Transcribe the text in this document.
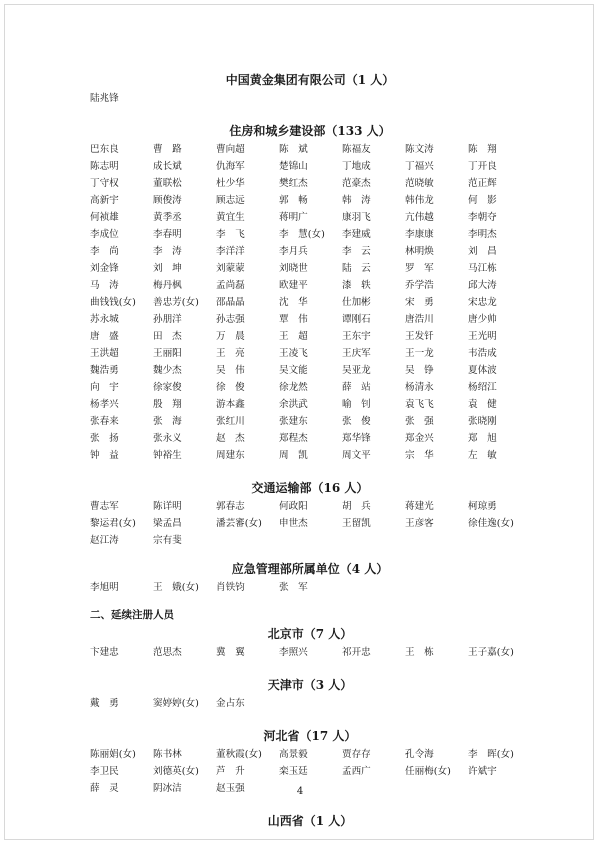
中国黄金集团有限公司（1 人）
陆兆锋
住房和城乡建设部（133 人）
巴东良	曹　路	曹向超	陈　斌	陈福友	陈文涛	陈　翔
陈志明	成长斌	仇海军	楚锦山	丁地成	丁福兴	丁开良
丁守权	董联松	杜少华	樊红杰	范豪杰	范晓敏	范正辉
高新宇	顾俊涛	顾志远	郭　畅	韩　涛	韩伟龙	何　影
何祯雄	黄季丞	黄宜生	蒋明广	康羽飞	亢伟越	李朝夺
李成位	李春明	李　飞	李　慧(女)	李建威	李康康	李明杰
李　尚	李　涛	李洋洋	李月兵	李　云	林明焕	刘　昌
刘金锋	刘　坤	刘蒙蒙	刘晓世	陆　云	罗　军	马江栋
马　涛	梅丹枫	孟尚磊	欧建平	漆　轶	乔学浩	邱大涛
曲钱钱(女)	善忠芳(女)	邵晶晶	沈　华	仕加彬	宋　勇	宋忠龙
苏永城	孙朋洋	孙志强	覃　伟	谭刚石	唐浩川	唐少帅
唐　盛	田　杰	万　晨	王　超	王东宇	王发钎	王光明
王洪超	王丽阳	王　亮	王凌飞	王庆军	王一龙	韦浩成
魏浩勇	魏少杰	吴　伟	吴文能	吴亚龙	吴　铮	夏体波
向　宇	徐家俊	徐　俊	徐龙然	薛　站	杨清永	杨绍江
杨孝兴	殷　翔	游本鑫	余洪武	喻　钊	袁飞飞	袁　健
张春来	张　海	张红川	张建东	张　俊	张　强	张晓刚
张　扬	张永义	赵　杰	郑程杰	郑华锋	郑金兴	郑　旭
钟　益	钟裕生	周建东	周　凯	周文平	宗　华	左　敏
交通运输部（16 人）
曹志军	陈详明	郭春志	何政阳	胡　兵	蒋建光	柯琼勇
黎运君(女)	梁孟昌	潘芸審(女)	申世杰	王留凯	王彦客	徐佳逸(女)
赵江涛	宗有斐
应急管理部所属单位（4 人）
李旭明	王　娥(女)	肖铁钧	张　军
二、延续注册人员
北京市（7 人）
卞建忠	范思杰	冀　翼	李照兴	祁开忠	王　栋	王子嘉(女)
天津市（3 人）
戴　勇	窦婷婷(女)	金占东
河北省（17 人）
陈丽娟(女)	陈书林	董秋霞(女)	高景毅	贾存存	孔令海	李　晖(女)
李卫民	刘德英(女)	芦　升	栾玉廷	孟西广	任丽梅(女)	许斌宇
薛　灵	阴冰洁	赵玉强
山西省（1 人）
4
